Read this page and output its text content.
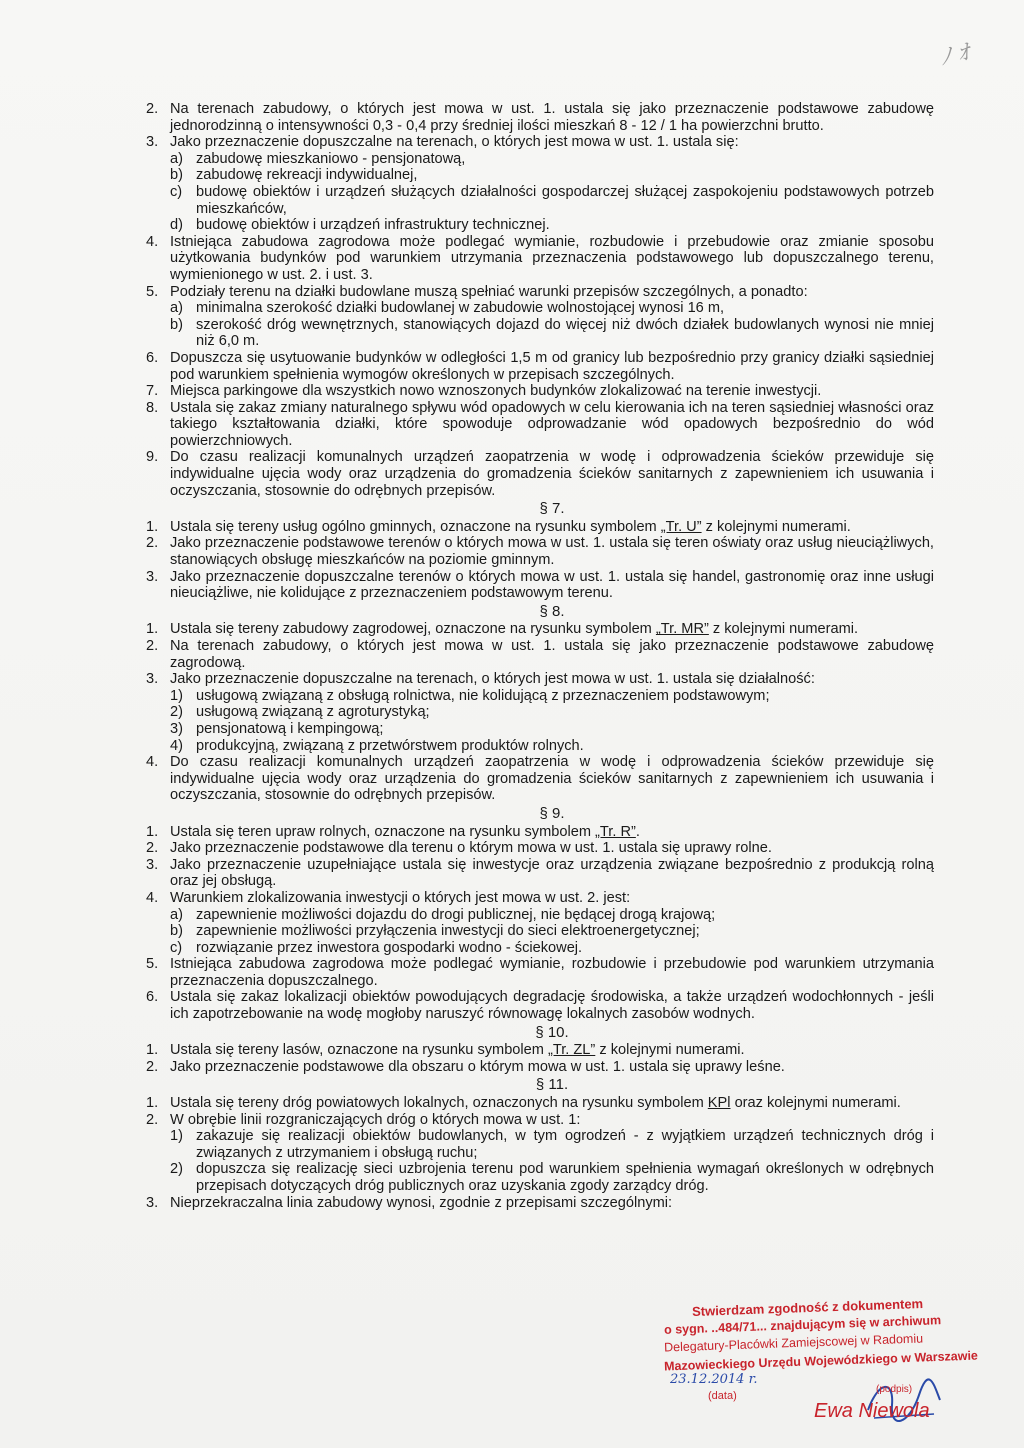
ﾉ ｵ
2. Na terenach zabudowy, o których jest mowa w ust. 1. ustala się jako przeznaczenie podstawowe zabudowę jednorodzinną o intensywności 0,3 - 0,4 przy średniej ilości mieszkań 8 - 12 / 1 ha powierzchni brutto.
3. Jako przeznaczenie dopuszczalne na terenach, o których jest mowa w ust. 1. ustala się:
a) zabudowę mieszkaniowo - pensjonatową,
b) zabudowę rekreacji indywidualnej,
c) budowę obiektów i urządzeń służących działalności gospodarczej służącej zaspokojeniu podstawowych potrzeb mieszkańców,
d) budowę obiektów i urządzeń infrastruktury technicznej.
4. Istniejąca zabudowa zagrodowa może podlegać wymianie, rozbudowie i przebudowie oraz zmianie sposobu użytkowania budynków pod warunkiem utrzymania przeznaczenia podstawowego lub dopuszczalnego terenu, wymienionego w ust. 2. i ust. 3.
5. Podziały terenu na działki budowlane muszą spełniać warunki przepisów szczególnych, a ponadto:
a) minimalna szerokość działki budowlanej w zabudowie wolnostojącej wynosi 16 m,
b) szerokość dróg wewnętrznych, stanowiących dojazd do więcej niż dwóch działek budowlanych wynosi nie mniej niż 6,0 m.
6. Dopuszcza się usytuowanie budynków w odległości 1,5 m od granicy lub bezpośrednio przy granicy działki sąsiedniej pod warunkiem spełnienia wymogów określonych w przepisach szczególnych.
7. Miejsca parkingowe dla wszystkich nowo wznoszonych budynków zlokalizować na terenie inwestycji.
8. Ustala się zakaz zmiany naturalnego spływu wód opadowych w celu kierowania ich na teren sąsiedniej własności oraz takiego kształtowania działki, które spowoduje odprowadzanie wód opadowych bezpośrednio do wód powierzchniowych.
9. Do czasu realizacji komunalnych urządzeń zaopatrzenia w wodę i odprowadzenia ścieków przewiduje się indywidualne ujęcia wody oraz urządzenia do gromadzenia ścieków sanitarnych z zapewnieniem ich usuwania i oczyszczania, stosownie do odrębnych przepisów.
§ 7.
1. Ustala się tereny usług ogólno gminnych, oznaczone na rysunku symbolem „Tr. U” z kolejnymi numerami.
2. Jako przeznaczenie podstawowe terenów o których mowa w ust. 1. ustala się teren oświaty oraz usług nieuciążliwych, stanowiących obsługę mieszkańców na poziomie gminnym.
3. Jako przeznaczenie dopuszczalne terenów o których mowa w ust. 1. ustala się handel, gastronomię oraz inne usługi nieuciążliwe, nie kolidujące z przeznaczeniem podstawowym terenu.
§ 8.
1. Ustala się tereny zabudowy zagrodowej, oznaczone na rysunku symbolem „Tr. MR” z kolejnymi numerami.
2. Na terenach zabudowy, o których jest mowa w ust. 1. ustala się jako przeznaczenie podstawowe zabudowę zagrodową.
3. Jako przeznaczenie dopuszczalne na terenach, o których jest mowa w ust. 1. ustala się działalność:
1) usługową związaną z obsługą rolnictwa, nie kolidującą z przeznaczeniem podstawowym;
2) usługową związaną z agroturystyką;
3) pensjonatową i kempingową;
4) produkcyjną, związaną z przetwórstwem produktów rolnych.
4. Do czasu realizacji komunalnych urządzeń zaopatrzenia w wodę i odprowadzenia ścieków przewiduje się indywidualne ujęcia wody oraz urządzenia do gromadzenia ścieków sanitarnych z zapewnieniem ich usuwania i oczyszczania, stosownie do odrębnych przepisów.
§ 9.
1. Ustala się teren upraw rolnych, oznaczone na rysunku symbolem „Tr. R”.
2. Jako przeznaczenie podstawowe dla terenu o którym mowa w ust. 1. ustala się uprawy rolne.
3. Jako przeznaczenie uzupełniające ustala się inwestycje oraz urządzenia związane bezpośrednio z produkcją rolną oraz jej obsługą.
4. Warunkiem zlokalizowania inwestycji o których jest mowa w ust. 2. jest:
a) zapewnienie możliwości dojazdu do drogi publicznej, nie będącej drogą krajową;
b) zapewnienie możliwości przyłączenia inwestycji do sieci elektroenergetycznej;
c) rozwiązanie przez inwestora gospodarki wodno - ściekowej.
5. Istniejąca zabudowa zagrodowa może podlegać wymianie, rozbudowie i przebudowie pod warunkiem utrzymania przeznaczenia dopuszczalnego.
6. Ustala się zakaz lokalizacji obiektów powodujących degradację środowiska, a także urządzeń wodochłonnych - jeśli ich zapotrzebowanie na wodę mogłoby naruszyć równowagę lokalnych zasobów wodnych.
§ 10.
1. Ustala się tereny lasów, oznaczone na rysunku symbolem „Tr. ZL” z kolejnymi numerami.
2. Jako przeznaczenie podstawowe dla obszaru o którym mowa w ust. 1. ustala się uprawy leśne.
§ 11.
1. Ustala się tereny dróg powiatowych lokalnych, oznaczonych na rysunku symbolem KPl oraz kolejnymi numerami.
2. W obrębie linii rozgraniczających dróg o których mowa w ust. 1:
1) zakazuje się realizacji obiektów budowlanych, w tym ogrodzeń - z wyjątkiem urządzeń technicznych dróg i związanych z utrzymaniem i obsługą ruchu;
2) dopuszcza się realizację sieci uzbrojenia terenu pod warunkiem spełnienia wymagań określonych w odrębnych przepisach dotyczących dróg publicznych oraz uzyskania zgody zarządcy dróg.
3. Nieprzekraczalna linia zabudowy wynosi, zgodnie z przepisami szczególnymi:
Stwierdzam zgodność z dokumentem
o sygn. ..484/71... znajdującym się w archiwum
Delegatury-Placówki Zamiejscowej w Radomiu
Mazowieckiego Urzędu Wojewódzkiego w Warszawie
23.12.2014 r.
(data)
(podpis)
Ewa Niewola
